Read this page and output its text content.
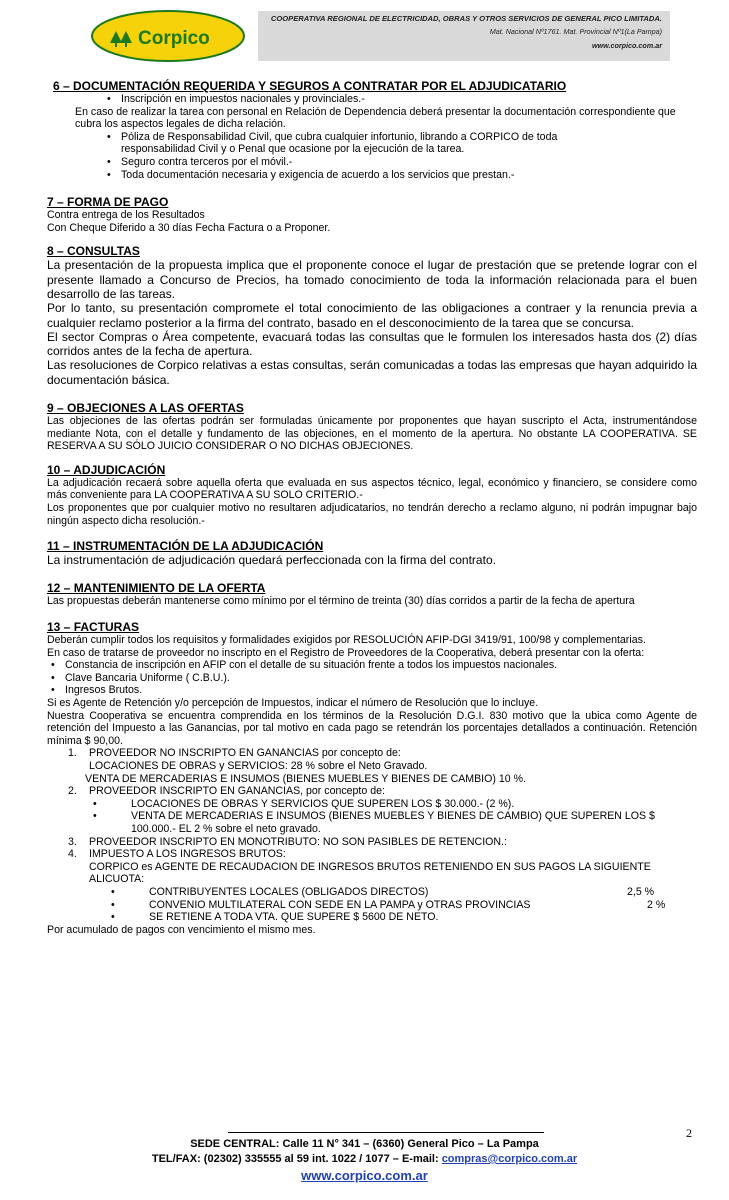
Corpico
COOPERATIVA REGIONAL DE ELECTRICIDAD, OBRAS Y OTROS SERVICIOS DE GENERAL PICO LIMITADA.
Mat. Nacional Nº1761. Mat. Provincial Nº1(La Pampa)
www.corpico.com.ar
6 – DOCUMENTACIÓN REQUERIDA Y SEGUROS A CONTRATAR POR EL ADJUDICATARIO
• Inscripción en impuestos nacionales y provinciales.-

En caso de realizar la tarea con personal en Relación de Dependencia deberá presentar la documentación correspondiente que cubra los aspectos legales de dicha relación.

• Póliza de Responsabilidad Civil, que cubra cualquier infortunio, librando a CORPICO de toda
responsabilidad Civil y o Penal que ocasione por la ejecución de la tarea.
• Seguro contra terceros por el móvil.-
• Toda documentación necesaria y exigencia de acuerdo a los servicios que prestan.-
7 – FORMA DE PAGO

Contra entrega de los Resultados

Con Cheque Diferido a 30 días Fecha Factura o a Proponer.

8 – CONSULTAS

La presentación de la propuesta implica que el proponente conoce el lugar de prestación que se pretende lograr con el presente llamado a Concurso de Precios, ha tomado conocimiento de toda la información relacionada para el buen desarrollo de las tareas.

Por lo tanto, su presentación compromete el total conocimiento de las obligaciones a contraer y la renuncia previa a cualquier reclamo posterior a la firma del contrato, basado en el desconocimiento de la tarea que se concursa.

El sector Compras o Área competente, evacuará todas las consultas que le formulen los interesados hasta dos (2) días corridos antes de la fecha de apertura.

Las resoluciones de Corpico relativas a estas consultas, serán comunicadas a todas las empresas que hayan adquirido la documentación básica.

9 – OBJECIONES A LAS OFERTAS

Las objeciones de las ofertas podrán ser formuladas únicamente por proponentes que hayan suscripto el Acta, instrumentándose mediante Nota, con el detalle y fundamento de las objeciones, en el momento de la apertura. No obstante LA COOPERATIVA. SE RESERVA A SU SÓLO JUICIO CONSIDERAR O NO DICHAS OBJECIONES.

10 – ADJUDICACIÓN

La adjudicación recaerá sobre aquella oferta que evaluada en sus aspectos técnico, legal, económico y financiero, se considere como más conveniente para LA COOPERATIVA A SU SOLO CRITERIO.-

Los proponentes que por cualquier motivo no resultaren adjudicatarios, no tendrán derecho a reclamo alguno, ni podrán impugnar bajo ningún aspecto dicha resolución.-

11 – INSTRUMENTACIÓN DE LA ADJUDICACIÓN

La instrumentación de adjudicación quedará perfeccionada con la firma del contrato.

12 – MANTENIMIENTO DE LA OFERTA

Las propuestas deberán mantenerse como mínimo por el término de treinta (30) días corridos a partir de la fecha de apertura

13 – FACTURAS

Deberán cumplir todos los requisitos y formalidades exigidos por RESOLUCIÓN AFIP-DGI 3419/91, 100/98 y complementarias.

En caso de tratarse de proveedor no inscripto en el Registro de Proveedores de la Cooperativa, deberá presentar con la oferta:

• Constancia de inscripción en AFIP con el detalle de su situación frente a todos los impuestos nacionales.
• Clave Bancaria Uniforme ( C.B.U.).
• Ingresos Brutos.

Si es Agente de Retención y/o percepción de Impuestos, indicar el número de Resolución que lo incluye.

Nuestra Cooperativa se encuentra comprendida en los términos de la Resolución D.G.I. 830 motivo que la ubica como Agente de retención del Impuesto a las Ganancias, por tal motivo en cada pago se retendrán los porcentajes detallados a continuación. Retención mínima $ 90,00.

1. PROVEEDOR NO INSCRIPTO EN GANANCIAS por concepto de:
LOCACIONES DE OBRAS y SERVICIOS: 28 % sobre el Neto Gravado.
VENTA DE MERCADERIAS E INSUMOS (BIENES MUEBLES Y BIENES DE CAMBIO) 10 %.
2. PROVEEDOR INSCRIPTO EN GANANCIAS, por concepto de:
• LOCACIONES DE OBRAS Y SERVICIOS QUE SUPEREN LOS $ 30.000.- (2 %).
• VENTA DE MERCADERIAS E INSUMOS (BIENES MUEBLES Y BIENES DE CAMBIO) QUE SUPEREN LOS $ 100.000.- EL 2 % sobre el neto gravado.
3. PROVEEDOR INSCRIPTO EN MONOTRIBUTO: NO SON PASIBLES DE RETENCION.:
4. IMPUESTO A LOS INGRESOS BRUTOS:
CORPICO es AGENTE DE RECAUDACION DE INGRESOS BRUTOS RETENIENDO EN SUS PAGOS LA SIGUIENTE ALICUOTA:
• CONTRIBUYENTES LOCALES (OBLIGADOS DIRECTOS)	2,5 %
• CONVENIO MULTILATERAL CON SEDE EN LA PAMPA y OTRAS PROVINCIAS	2 %
• SE RETIENE A TODA VTA. QUE SUPERE $ 5600 DE NETO.

Por acumulado de pagos con vencimiento el mismo mes.

2
SEDE CENTRAL: Calle 11 N° 341 – (6360) General Pico – La Pampa
TEL/FAX: (02302) 335555 al 59 int. 1022 / 1077 – E-mail: compras@corpico.com.ar
www.corpico.com.ar
